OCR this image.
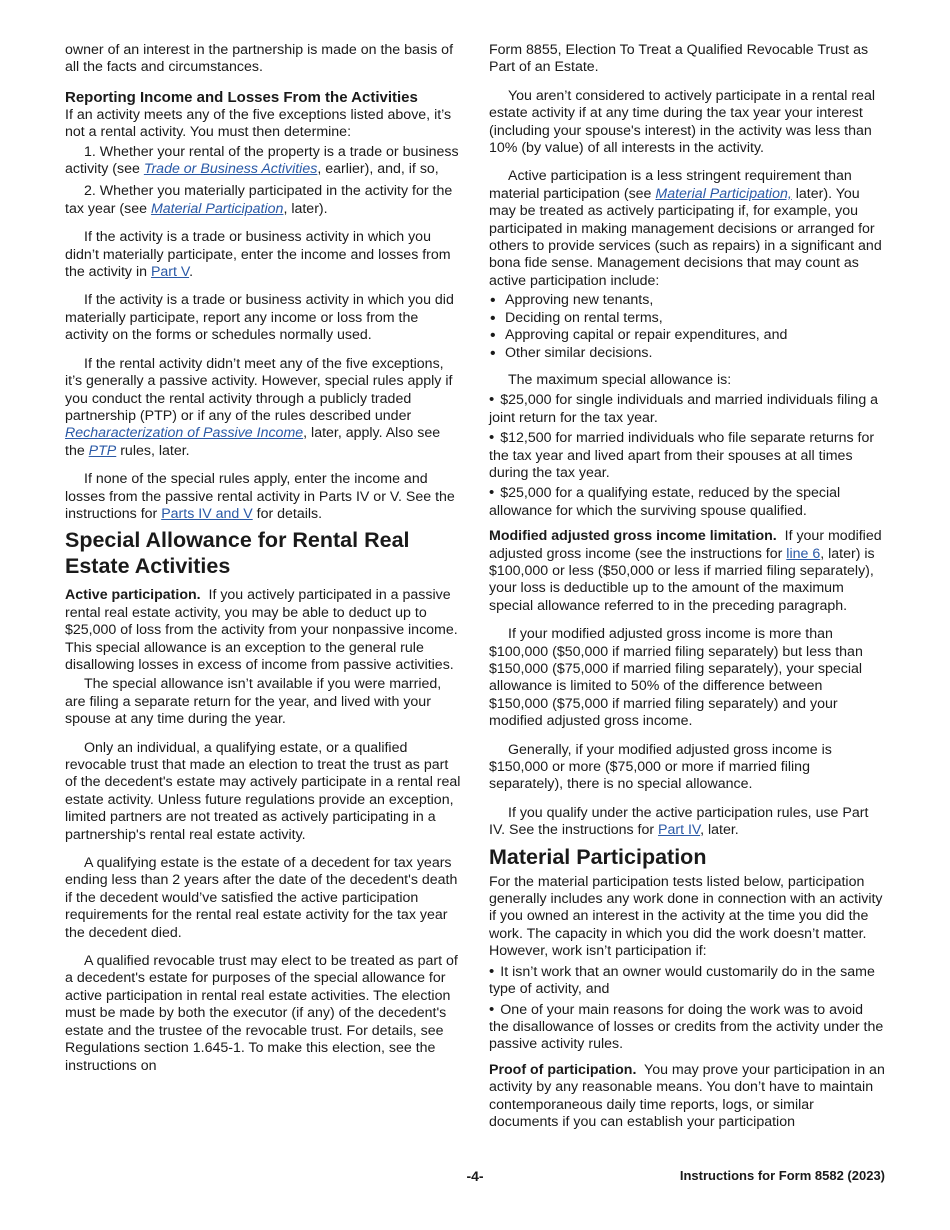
owner of an interest in the partnership is made on the basis of all the facts and circumstances.

Reporting Income and Losses From the Activities

If an activity meets any of the five exceptions listed above, it’s not a rental activity. You must then determine:

1. Whether your rental of the property is a trade or business activity (see Trade or Business Activities, earlier), and, if so,

2. Whether you materially participated in the activity for the tax year (see Material Participation, later).

If the activity is a trade or business activity in which you didn’t materially participate, enter the income and losses from the activity in Part V.

If the activity is a trade or business activity in which you did materially participate, report any income or loss from the activity on the forms or schedules normally used.

If the rental activity didn’t meet any of the five exceptions, it’s generally a passive activity. However, special rules apply if you conduct the rental activity through a publicly traded partnership (PTP) or if any of the rules described under Recharacterization of Passive Income, later, apply. Also see the PTP rules, later.

If none of the special rules apply, enter the income and losses from the passive rental activity in Parts IV or V. See the instructions for Parts IV and V for details.

Special Allowance for Rental Real Estate Activities

Active participation. If you actively participated in a passive rental real estate activity, you may be able to deduct up to $25,000 of loss from the activity from your nonpassive income. This special allowance is an exception to the general rule disallowing losses in excess of income from passive activities.

The special allowance isn’t available if you were married, are filing a separate return for the year, and lived with your spouse at any time during the year.

Only an individual, a qualifying estate, or a qualified revocable trust that made an election to treat the trust as part of the decedent's estate may actively participate in a rental real estate activity. Unless future regulations provide an exception, limited partners are not treated as actively participating in a partnership's rental real estate activity.

A qualifying estate is the estate of a decedent for tax years ending less than 2 years after the date of the decedent's death if the decedent would’ve satisfied the active participation requirements for the rental real estate activity for the tax year the decedent died.

A qualified revocable trust may elect to be treated as part of a decedent's estate for purposes of the special allowance for active participation in rental real estate activities. The election must be made by both the executor (if any) of the decedent's estate and the trustee of the revocable trust. For details, see Regulations section 1.645-1. To make this election, see the instructions on

Form 8855, Election To Treat a Qualified Revocable Trust as Part of an Estate.

You aren’t considered to actively participate in a rental real estate activity if at any time during the tax year your interest (including your spouse's interest) in the activity was less than 10% (by value) of all interests in the activity.

Active participation is a less stringent requirement than material participation (see Material Participation, later). You may be treated as actively participating if, for example, you participated in making management decisions or arranged for others to provide services (such as repairs) in a significant and bona fide sense. Management decisions that may count as active participation include:

• Approving new tenants,
• Deciding on rental terms,
• Approving capital or repair expenditures, and
• Other similar decisions.

The maximum special allowance is:

• $25,000 for single individuals and married individuals filing a joint return for the tax year.

• $12,500 for married individuals who file separate returns for the tax year and lived apart from their spouses at all times during the tax year.

• $25,000 for a qualifying estate, reduced by the special allowance for which the surviving spouse qualified.

Modified adjusted gross income limitation. If your modified adjusted gross income (see the instructions for line 6, later) is $100,000 or less ($50,000 or less if married filing separately), your loss is deductible up to the amount of the maximum special allowance referred to in the preceding paragraph.

If your modified adjusted gross income is more than $100,000 ($50,000 if married filing separately) but less than $150,000 ($75,000 if married filing separately), your special allowance is limited to 50% of the difference between $150,000 ($75,000 if married filing separately) and your modified adjusted gross income.

Generally, if your modified adjusted gross income is $150,000 or more ($75,000 or more if married filing separately), there is no special allowance.

If you qualify under the active participation rules, use Part IV. See the instructions for Part IV, later.

Material Participation

For the material participation tests listed below, participation generally includes any work done in connection with an activity if you owned an interest in the activity at the time you did the work. The capacity in which you did the work doesn’t matter. However, work isn’t participation if:

• It isn’t work that an owner would customarily do in the same type of activity, and

• One of your main reasons for doing the work was to avoid the disallowance of losses or credits from the activity under the passive activity rules.

Proof of participation. You may prove your participation in an activity by any reasonable means. You don’t have to maintain contemporaneous daily time reports, logs, or similar documents if you can establish your participation

-4-	Instructions for Form 8582 (2023)
